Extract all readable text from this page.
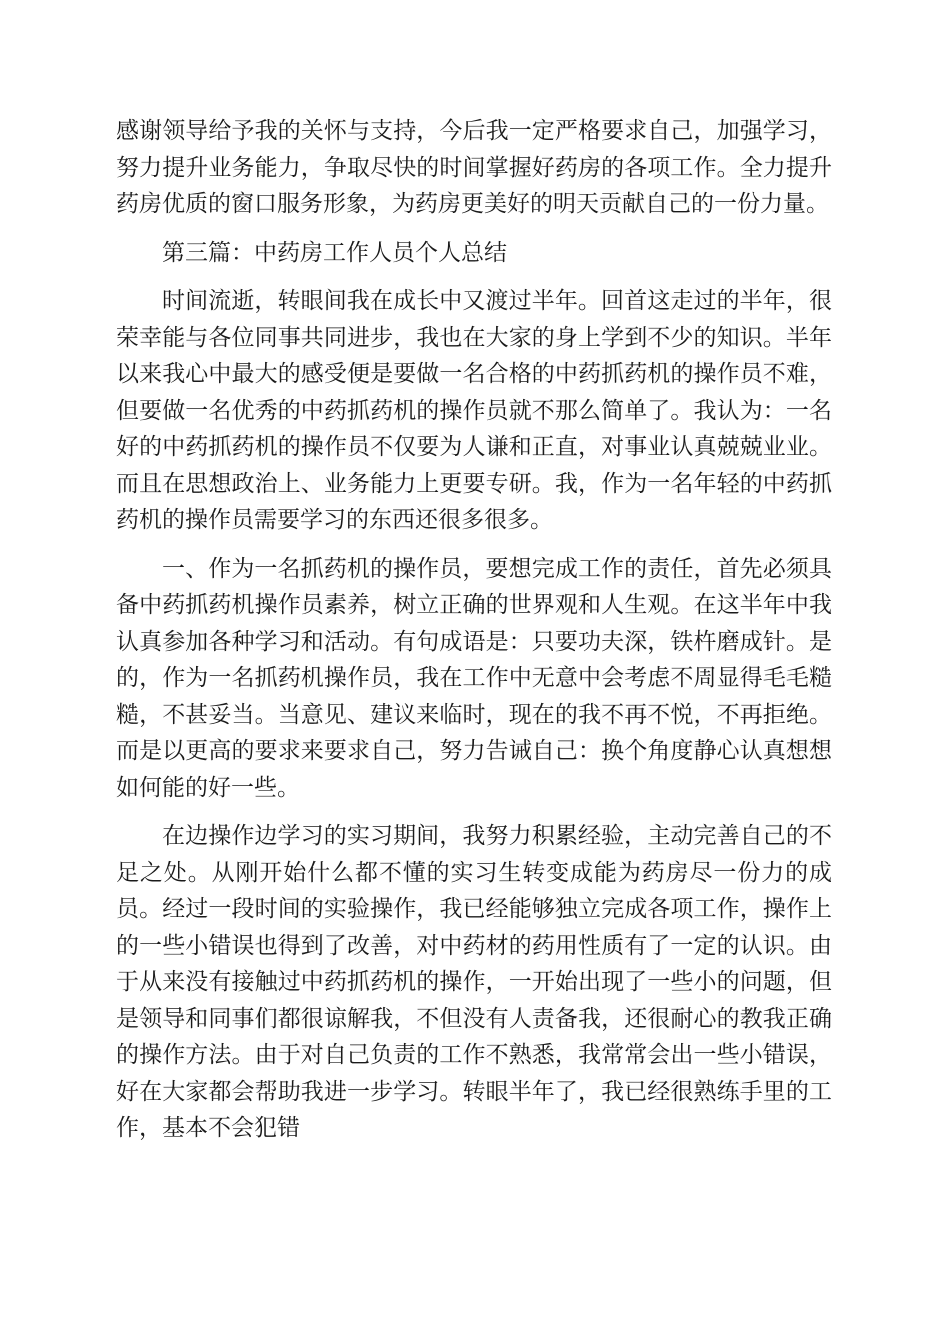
感谢领导给予我的关怀与支持，今后我一定严格要求自己，加强学习，努力提升业务能力，争取尽快的时间掌握好药房的各项工作。全力提升药房优质的窗口服务形象，为药房更美好的明天贡献自己的一份力量。

第三篇：中药房工作人员个人总结

时间流逝，转眼间我在成长中又渡过半年。回首这走过的半年，很荣幸能与各位同事共同进步，我也在大家的身上学到不少的知识。半年以来我心中最大的感受便是要做一名合格的中药抓药机的操作员不难，但要做一名优秀的中药抓药机的操作员就不那么简单了。我认为：一名好的中药抓药机的操作员不仅要为人谦和正直，对事业认真兢兢业业。而且在思想政治上、业务能力上更要专研。我，作为一名年轻的中药抓药机的操作员需要学习的东西还很多很多。

一、作为一名抓药机的操作员，要想完成工作的责任，首先必须具备中药抓药机操作员素养，树立正确的世界观和人生观。在这半年中我认真参加各种学习和活动。有句成语是：只要功夫深，铁杵磨成针。是的，作为一名抓药机操作员，我在工作中无意中会考虑不周显得毛毛糙糙，不甚妥当。当意见、建议来临时，现在的我不再不悦，不再拒绝。而是以更高的要求来要求自己，努力告诫自己：换个角度静心认真想想如何能的好一些。

在边操作边学习的实习期间，我努力积累经验，主动完善自己的不足之处。从刚开始什么都不懂的实习生转变成能为药房尽一份力的成员。经过一段时间的实验操作，我已经能够独立完成各项工作，操作上的一些小错误也得到了改善，对中药材的药用性质有了一定的认识。由于从来没有接触过中药抓药机的操作，一开始出现了一些小的问题，但是领导和同事们都很谅解我，不但没有人责备我，还很耐心的教我正确的操作方法。由于对自己负责的工作不熟悉，我常常会出一些小错误，好在大家都会帮助我进一步学习。转眼半年了，我已经很熟练手里的工作，基本不会犯错
